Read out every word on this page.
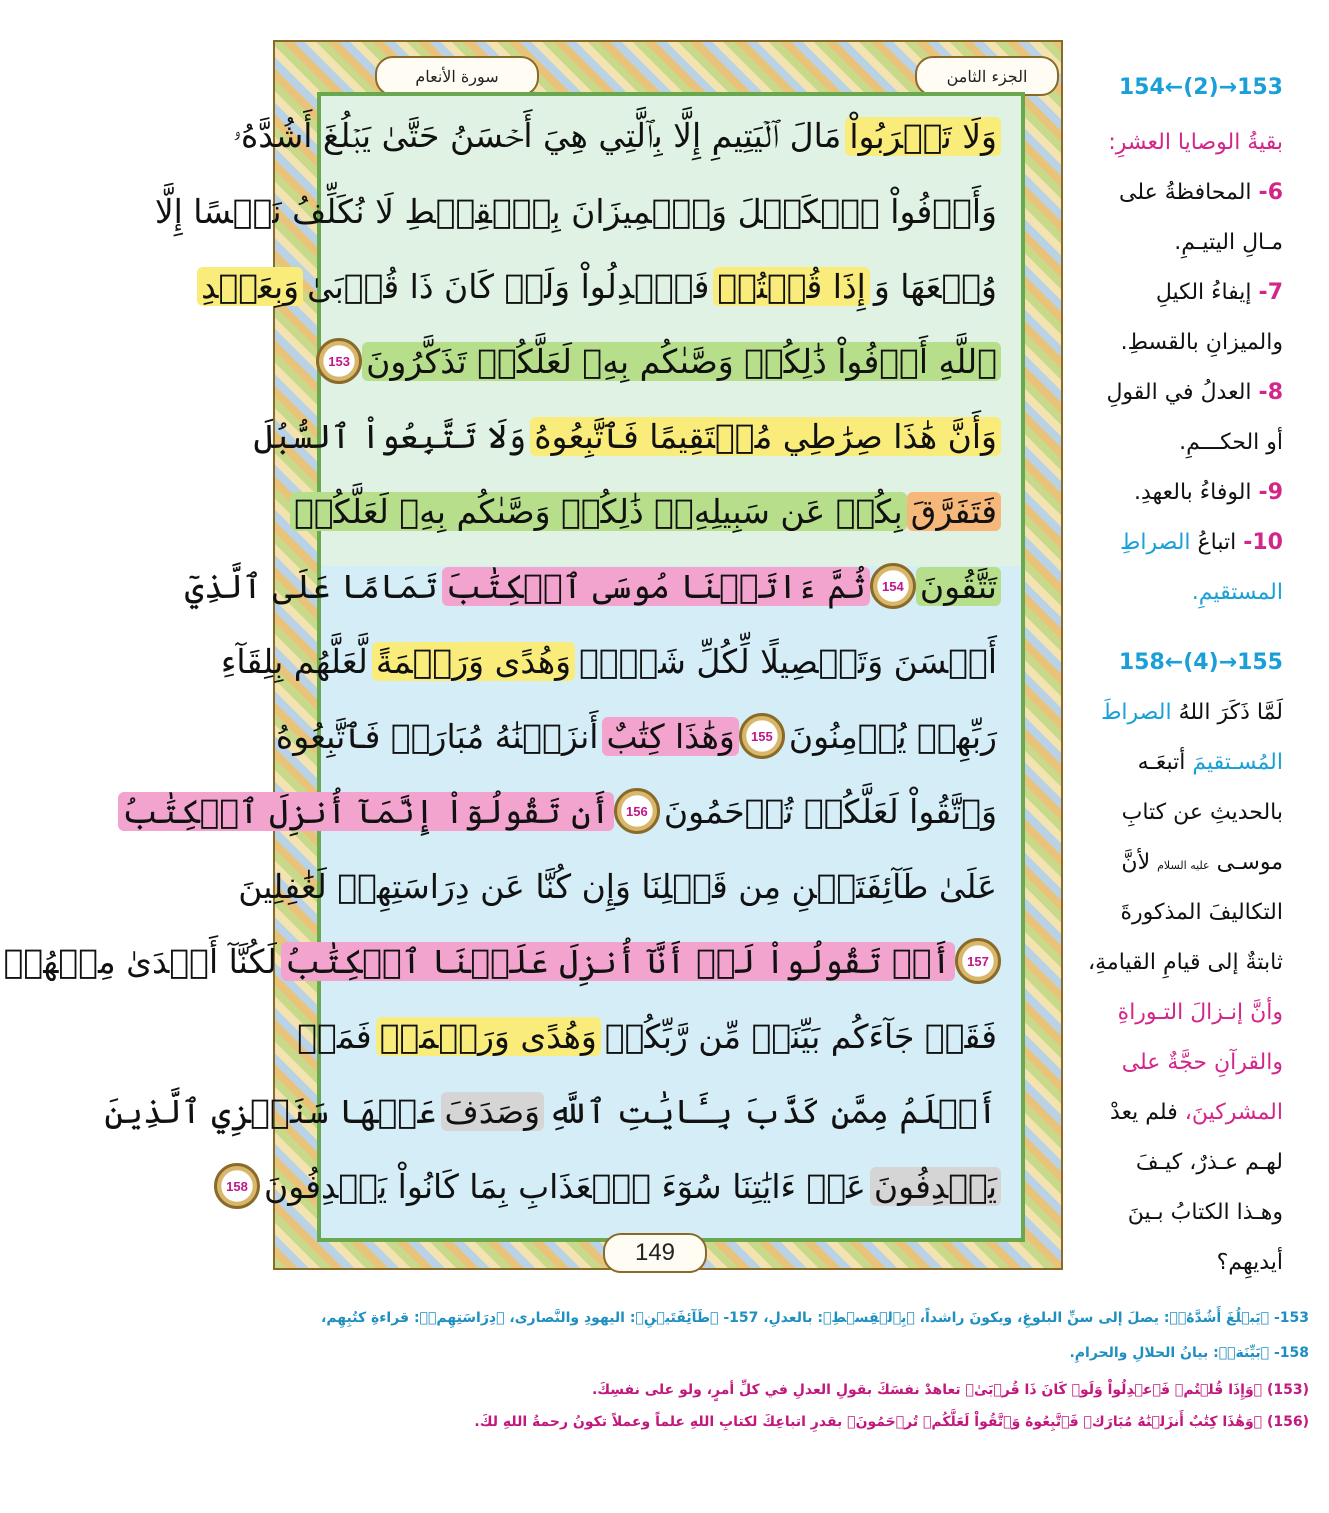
الجزء الثامن
سورة الأنعام
وَلَا تَقۡرَبُواْ
مَالَ ٱلۡيَتِيمِ إِلَّا بِٱلَّتِي هِيَ أَحۡسَنُ حَتَّىٰ يَبۡلُغَ أَشُدَّهُۥ
وَأَوۡفُواْ ٱلۡكَيۡلَ وَٱلۡمِيزَانَ بِٱلۡقِسۡطِ لَا نُكَلِّفُ نَفۡسًا إِلَّا
وُسۡعَهَا وَ
إِذَا قُلۡتُمۡ
فَٱعۡدِلُواْ وَلَوۡ كَانَ ذَا قُرۡبَىٰ
وَبِعَهۡدِ
ٱللَّهِ أَوۡفُواْ ذَٰلِكُمۡ وَصَّىٰكُم بِهِۦ لَعَلَّكُمۡ تَذَكَّرُونَ
153
وَأَنَّ هَٰذَا صِرَٰطِي مُسۡتَقِيمًا فَٱتَّبِعُوهُ
وَلَا تَتَّبِعُواْ ٱلسُّبُلَ
فَتَفَرَّقَ
بِكُمۡ عَن سَبِيلِهِۦۚ ذَٰلِكُمۡ وَصَّىٰكُم بِهِۦ لَعَلَّكُمۡ
تَتَّقُونَ
154
ثُمَّ ءَاتَيۡنَا مُوسَى ٱلۡكِتَٰبَ
تَمَامًا عَلَى ٱلَّذِيٓ
أَحۡسَنَ وَتَفۡصِيلًا لِّكُلِّ شَيۡءٖ
وَهُدًى وَرَحۡمَةً
لَّعَلَّهُم بِلِقَآءِ
رَبِّهِمۡ يُؤۡمِنُونَ
155
وَهَٰذَا كِتَٰبٌ
أَنزَلۡنَٰهُ مُبَارَكٞ فَٱتَّبِعُوهُ
وَٱتَّقُواْ لَعَلَّكُمۡ تُرۡحَمُونَ
156
أَن تَقُولُوٓاْ إِنَّمَآ أُنزِلَ ٱلۡكِتَٰبُ
عَلَىٰ طَآئِفَتَيۡنِ مِن قَبۡلِنَا وَإِن كُنَّا عَن دِرَاسَتِهِمۡ لَغَٰفِلِينَ
157
أَوۡ تَقُولُواْ لَوۡ أَنَّآ أُنزِلَ عَلَيۡنَا ٱلۡكِتَٰبُ
لَكُنَّآ أَهۡدَىٰ مِنۡهُمۡ
فَقَدۡ جَآءَكُم بَيِّنَةٞ مِّن رَّبِّكُمۡ
وَهُدًى وَرَحۡمَةٞ
فَمَنۡ
أَظۡلَمُ مِمَّن كَذَّبَ بِـَٔايَٰتِ ٱللَّهِ
وَصَدَفَ
عَنۡهَا سَنَجۡزِي ٱلَّذِينَ
يَصۡدِفُونَ
عَنۡ ءَايَٰتِنَا سُوٓءَ ٱلۡعَذَابِ بِمَا كَانُواْ يَصۡدِفُونَ
158
149
154←(2)→153
بقيةُ الوصايا العشرِ:
6- المحافظةُ على
مـالِ اليتيـمِ.
7- إيفاءُ الكيلِ
والميزانِ بالقسطِ.
8- العدلُ في القولِ
أو الحكـــمِ.
9- الوفاءُ بالعهدِ.
10- اتباعُ الصراطِ
المستقيمِ.
158←(4)→155
لَمَّا ذَكَرَ اللهُ الصراطَ
المُسـتقيمَ أتبعَـه
بالحديثِ عن كتابِ
موسـى عليه السلام لأنَّ
التكاليفَ المذكورةَ
ثابتةٌ إلى قيامِ القيامةِ،
وأنَّ إنـزالَ التـوراةِ
والقرآنِ حجَّةٌ على
المشركينَ، فلم يعدْ
لهـم عـذرٌ، كيـفَ
وهـذا الكتابُ بـينَ
أيديهِم؟
153- ﴿يَبۡلُغَ أَشُدَّهُۥ﴾: يصلَ إلى سنِّ البلوغِ، ويكونَ راشداً، ﴿بِٱلۡقِسۡطِ﴾: بالعدلِ، 157- ﴿طَآئِفَتَيۡنِ﴾: اليهودِ والنَّصارى، ﴿دِرَاسَتِهِمۡ﴾: قراءةِ كتُبِهِم،
158- ﴿بَيِّنَةٞ﴾: بيانُ الحلالِ والحرامِ.
(153) ﴿وَإِذَا قُلۡتُمۡ فَٱعۡدِلُواْ وَلَوۡ كَانَ ذَا قُرۡبَىٰ﴾ تعاهدْ نفسَكَ بقولِ العدلِ في كلِّ أمرٍ، ولو على نفسِكَ.
(156) ﴿وَهَٰذَا كِتَٰبٌ أَنزَلۡنَٰهُ مُبَارَكٞ فَٱتَّبِعُوهُ وَٱتَّقُواْ لَعَلَّكُمۡ تُرۡحَمُونَ﴾ بقدرِ اتباعِكَ لكتابِ اللهِ علماً وعملاً تكونُ رحمةُ اللهِ لكَ.
